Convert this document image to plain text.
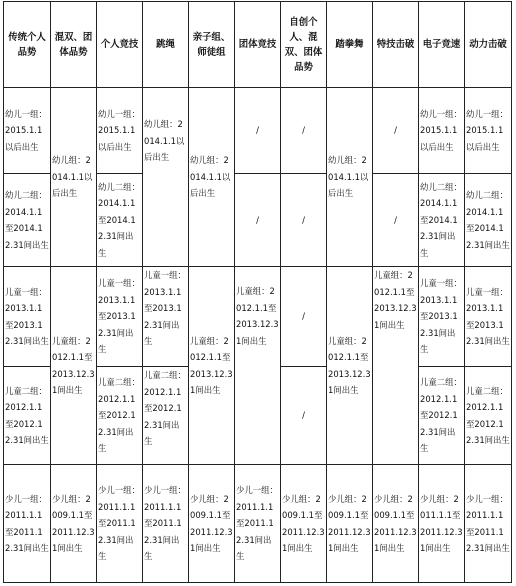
传统个人品势	混双、团体品势	个人竞技	跳绳	亲子组、师徒组	团体竞技	自创个人、混双、团体品势	踏拳舞	特技击破	电子竞速	动力击破
幼儿一组：2015.1.1以后出生	幼儿组：2014.1.1以后出生	幼儿一组：2015.1.1以后出生	幼儿组：2014.1.1以后出生	幼儿组：2014.1.1以后出生	/	/	幼儿组：2014.1.1以后出生	/	幼儿一组：2015.1.1以后出生	幼儿一组：2015.1.1以后出生
幼儿二组：2014.1.1至2014.12.31间出生		幼儿二组：2014.1.1至2014.12.31间出生			/	/		/	幼儿二组：2014.1.1至2014.12.31间出生	幼儿二组：2014.1.1至2014.12.31间出生
儿童一组：2013.1.1至2013.12.31间出生	儿童组：2012.1.1至2013.12.31间出生	儿童一组：2013.1.1至2013.12.31间出生	儿童一组：2013.1.1至2013.12.31间出生	儿童组：2012.1.1至2013.12.31间出生	儿童组：2012.1.1至2013.12.31间出生	/	儿童组：2012.1.1至2013.12.31间出生	儿童组：2012.1.1至2013.12.31间出生	儿童一组：2013.1.1至2013.12.31间出生	儿童一组：2013.1.1至2013.12.31间出生
儿童二组：2012.1.1至2012.12.31间出生		儿童二组：2012.1.1至2012.12.31间出生	儿童二组：2012.1.1至2012.12.31间出生			/			儿童二组：2012.1.1至2012.12.31间出生	儿童二组：2012.1.1至2012.12.31间出生
少儿一组：2011.1.1至2011.12.31间出生	少儿组：2009.1.1至2011.12.31间出生	少儿一组：2011.1.1至2011.12.31间出生	少儿一组：2011.1.1至2011.12.31间出生	少儿组：2009.1.1至2011.12.31间出生	少儿一组：2011.1.1至2011.12.31间出生	少儿组：2009.1.1至2011.12.31间出生	少儿组：2009.1.1至2011.12.31间出生	少儿组：2009.1.1至2011.12.31间出生	少儿组：2011.1.1至2011.12.31间出生	少儿一组：2011.1.1至2011.12.31间出生
